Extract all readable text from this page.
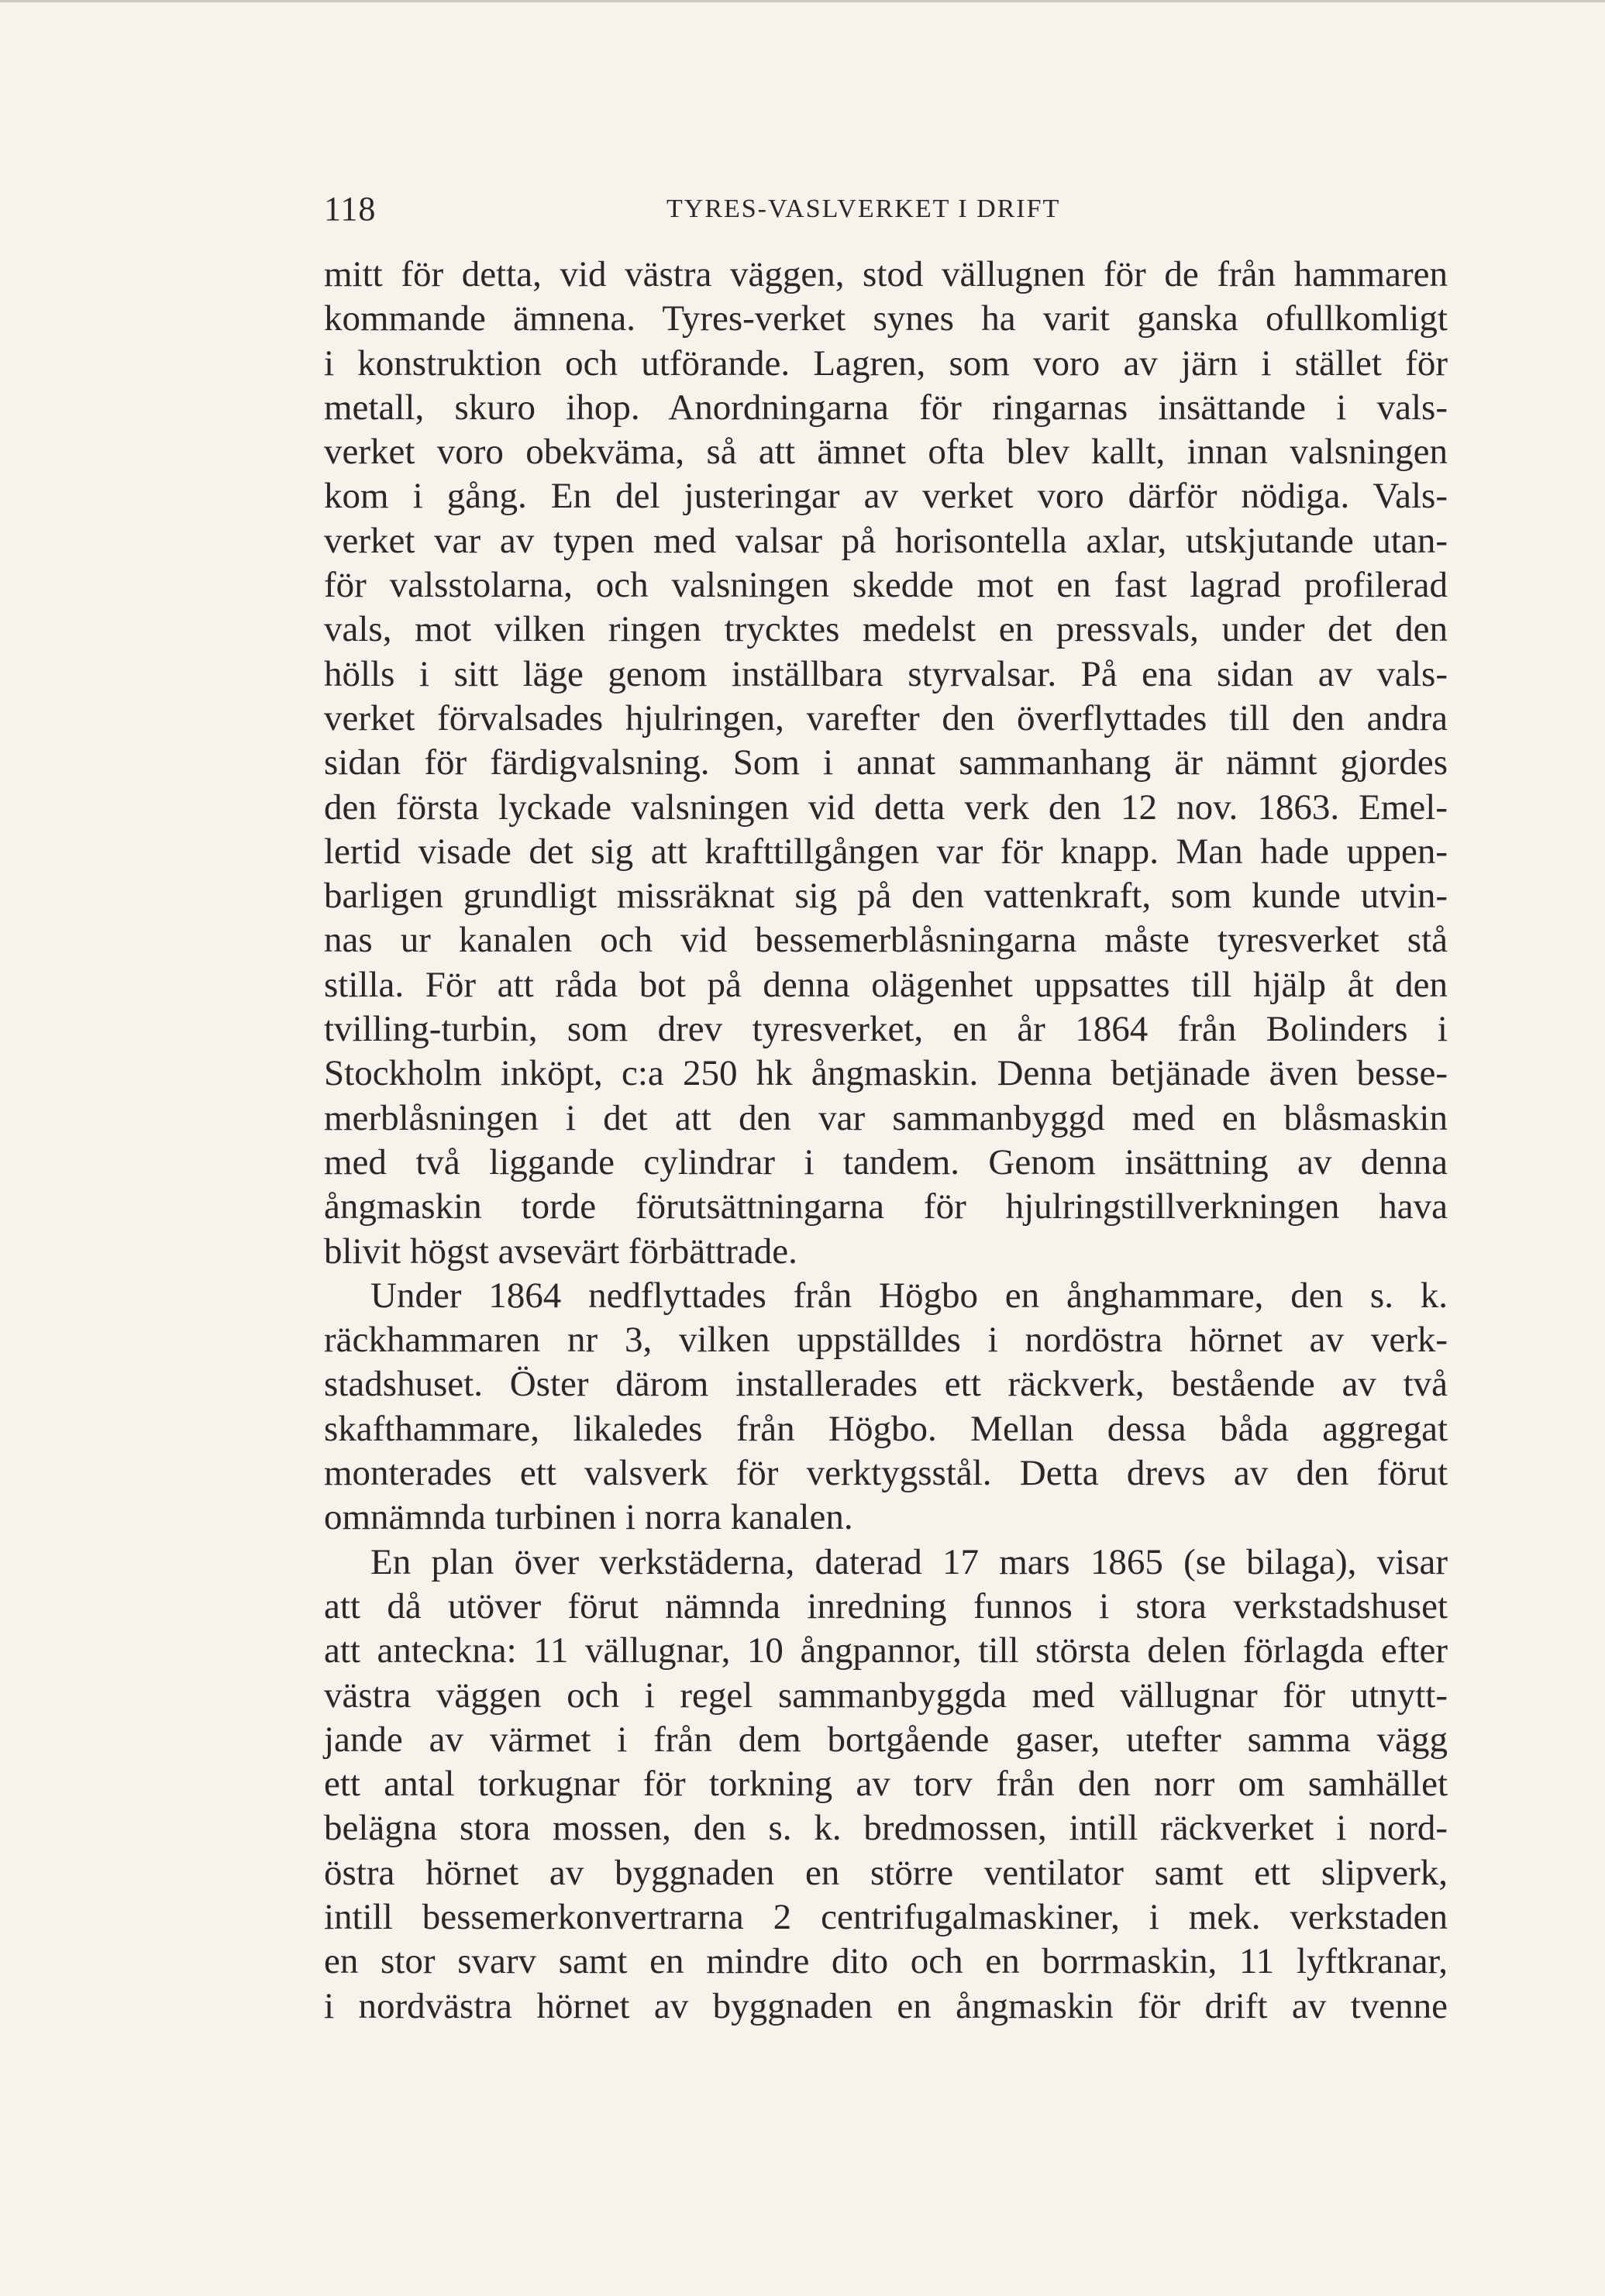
118	TYRES-VASLVERKET I DRIFT
mitt för detta, vid västra väggen, stod vällugnen för de från hammaren
kommande ämnena. Tyres-verket synes ha varit ganska ofullkomligt
i konstruktion och utförande. Lagren, som voro av järn i stället för
metall, skuro ihop. Anordningarna för ringarnas insättande i vals-
verket voro obekväma, så att ämnet ofta blev kallt, innan valsningen
kom i gång. En del justeringar av verket voro därför nödiga. Vals-
verket var av typen med valsar på horisontella axlar, utskjutande utan-
för valsstolarna, och valsningen skedde mot en fast lagrad profilerad
vals, mot vilken ringen trycktes medelst en pressvals, under det den
hölls i sitt läge genom inställbara styrvalsar. På ena sidan av vals-
verket förvalsades hjulringen, varefter den överflyttades till den andra
sidan för färdigvalsning. Som i annat sammanhang är nämnt gjordes
den första lyckade valsningen vid detta verk den 12 nov. 1863. Emel-
lertid visade det sig att krafttillgången var för knapp. Man hade uppen-
barligen grundligt missräknat sig på den vattenkraft, som kunde utvin-
nas ur kanalen och vid bessemerblåsningarna måste tyresverket stå
stilla. För att råda bot på denna olägenhet uppsattes till hjälp åt den
tvilling-turbin, som drev tyresverket, en år 1864 från Bolinders i
Stockholm inköpt, c:a 250 hk ångmaskin. Denna betjänade även besse-
merblåsningen i det att den var sammanbyggd med en blåsmaskin
med två liggande cylindrar i tandem. Genom insättning av denna
ångmaskin torde förutsättningarna för hjulringstillverkningen hava
blivit högst avsevärt förbättrade.
Under 1864 nedflyttades från Högbo en ånghammare, den s. k.
räckhammaren nr 3, vilken uppställdes i nordöstra hörnet av verk-
stadshuset. Öster därom installerades ett räckverk, bestående av två
skafthammare, likaledes från Högbo. Mellan dessa båda aggregat
monterades ett valsverk för verktygsstål. Detta drevs av den förut
omnämnda turbinen i norra kanalen.
En plan över verkstäderna, daterad 17 mars 1865 (se bilaga), visar
att då utöver förut nämnda inredning funnos i stora verkstadshuset
att anteckna: 11 vällugnar, 10 ångpannor, till största delen förlagda efter
västra väggen och i regel sammanbyggda med vällugnar för utnytt-
jande av värmet i från dem bortgående gaser, utefter samma vägg
ett antal torkugnar för torkning av torv från den norr om samhället
belägna stora mossen, den s. k. bredmossen, intill räckverket i nord-
östra hörnet av byggnaden en större ventilator samt ett slipverk,
intill bessemerkonvertrarna 2 centrifugalmaskiner, i mek. verkstaden
en stor svarv samt en mindre dito och en borrmaskin, 11 lyftkranar,
i nordvästra hörnet av byggnaden en ångmaskin för drift av tvenne
